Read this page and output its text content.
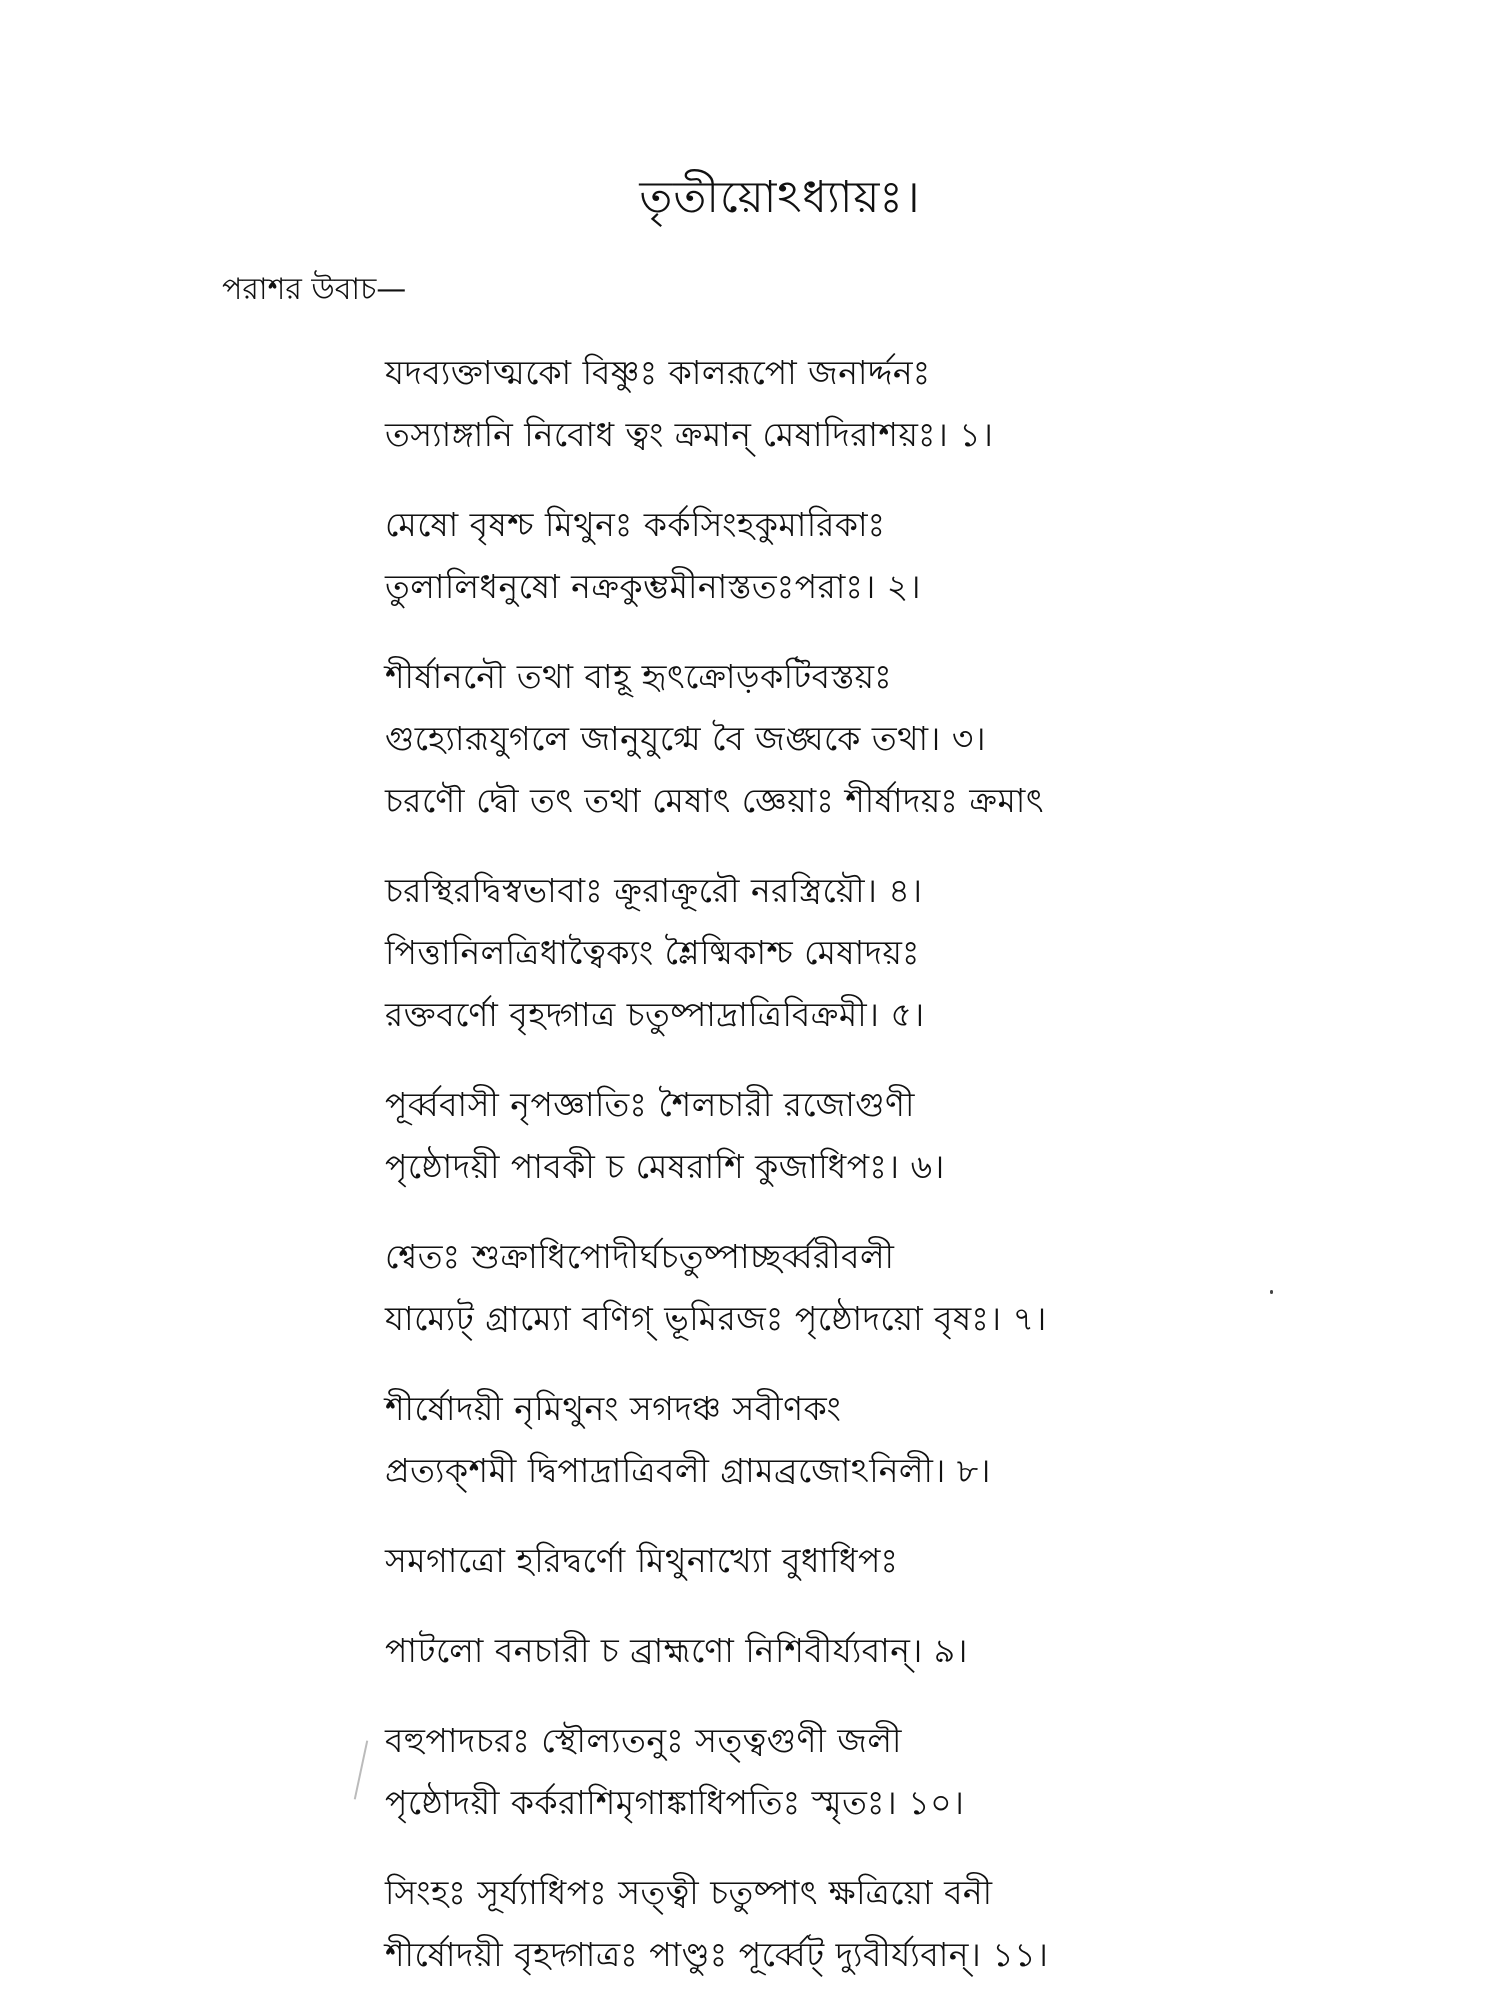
তৃতীয়োঽধ্যায়ঃ।
পরাশর উবাচ—
যদব্যক্তাত্মকো বিষ্ণুঃ কালরূপো জনার্দ্দনঃ
তস্যাঙ্গানি নিবোধ ত্বং ক্রমান্ মেষাদিরাশয়ঃ। ১।
মেষো বৃষশ্চ মিথুনঃ কর্কসিংহকুমারিকাঃ
তুলালিধনুষো নক্রকুম্ভমীনাস্ততঃপরাঃ। ২।
শীর্ষাননৌ তথা বাহূ হৃৎক্রোড়কটিবস্তয়ঃ
গুহ্যোরূযুগলে জানুযুগ্মে বৈ জঙ্ঘকে তথা। ৩।
চরণৌ দ্বৌ তৎ তথা মেষাৎ জ্ঞেয়াঃ শীর্ষাদয়ঃ ক্রমাৎ
চরস্থিরদ্বিস্বভাবাঃ ক্রূরাক্রূরৌ নরস্ত্রিয়ৌ। ৪।
পিত্তানিলত্রিধাত্বৈক্যং শ্লৈষ্মিকাশ্চ মেষাদয়ঃ
রক্তবর্ণো বৃহদ্গাত্র চতুষ্পাদ্রাত্রিবিক্রমী। ৫।
পূর্ব্ববাসী নৃপজ্ঞাতিঃ শৈলচারী রজোগুণী
পৃষ্ঠোদয়ী পাবকী চ মেষরাশি কুজাধিপঃ। ৬।
শ্বেতঃ শুক্রাধিপোদীর্ঘচতুষ্পাচ্ছর্ব্বরীবলী
যাম্যেট্ গ্রাম্যো বণিগ্ ভূমিরজঃ পৃষ্ঠোদয়ো বৃষঃ। ৭।
শীর্ষোদয়ী নৃমিথুনং সগদঞ্চ সবীণকং
প্রত্যক্শমী দ্বিপাদ্রাত্রিবলী গ্রামব্রজোঽনিলী। ৮।
সমগাত্রো হরিদ্বর্ণো মিথুনাখ্যো বুধাধিপঃ
পাটলো বনচারী চ ব্রাহ্মণো নিশিবীর্য্যবান্। ৯।
বহুপাদচরঃ স্থৌল্যতনুঃ সত্ত্বগুণী জলী
পৃষ্ঠোদয়ী কর্করাশিমৃগাঙ্কাধিপতিঃ স্মৃতঃ। ১০।
সিংহঃ সূর্য্যাধিপঃ সত্ত্বী চতুষ্পাৎ ক্ষত্রিয়ো বনী
শীর্ষোদয়ী বৃহদ্গাত্রঃ পাণ্ডুঃ পূর্ব্বেট্ দ্যুবীর্য্যবান্। ১১।
